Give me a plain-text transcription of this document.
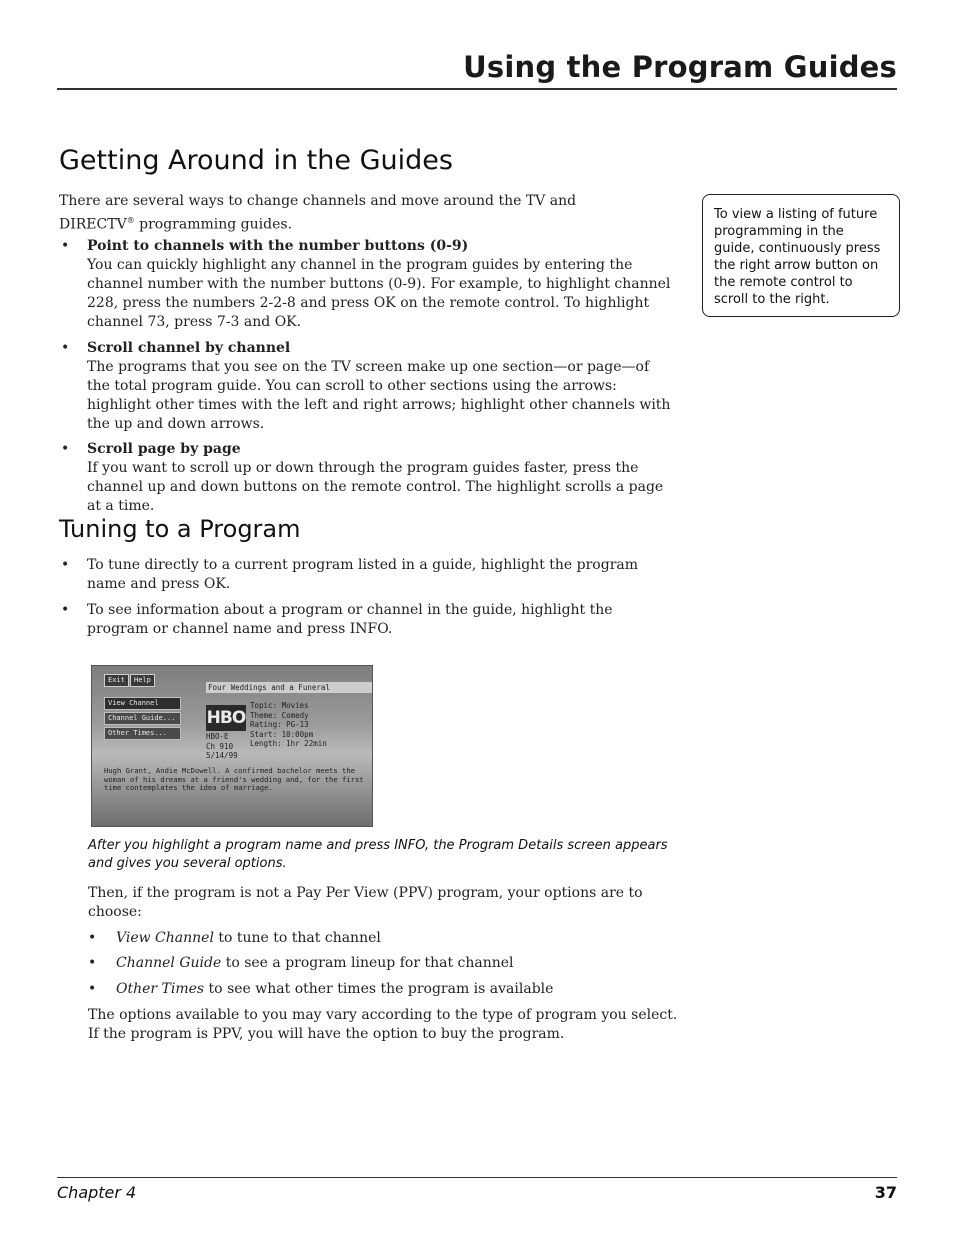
Using the Program Guides
Getting Around in the Guides
There are several ways to change channels and move around the TV and DIRECTV® programming guides.
• Point to channels with the number buttons (0-9)
You can quickly highlight any channel in the program guides by entering the channel number with the number buttons (0-9). For example, to highlight channel 228, press the numbers 2-2-8 and press OK on the remote control. To highlight channel 73, press 7-3 and OK.
• Scroll channel by channel
The programs that you see on the TV screen make up one section—or page—of the total program guide. You can scroll to other sections using the arrows: highlight other times with the left and right arrows; highlight other channels with the up and down arrows.
• Scroll page by page
If you want to scroll up or down through the program guides faster, press the channel up and down buttons on the remote control. The highlight scrolls a page at a time.
To view a listing of future programming in the guide, continuously press the right arrow button on the remote control to scroll to the right.
Tuning to a Program
• To tune directly to a current program listed in a guide, highlight the program name and press OK.
• To see information about a program or channel in the guide, highlight the program or channel name and press INFO.
Exit	Help
Four Weddings and a Funeral
View Channel
Channel Guide...
Other Times...
HBO
HBO-E
Ch 910
5/14/99
Topic: Movies
Theme: Comedy
Rating: PG-13
Start: 10:00pm
Length: 1hr 22min
Hugh Grant, Andie McDowell. A confirmed bachelor meets the woman of his dreams at a friend's wedding and, for the first time contemplates the idea of marriage.
After you highlight a program name and press INFO, the Program Details screen appears and gives you several options.
Then, if the program is not a Pay Per View (PPV) program, your options are to choose:
• View Channel to tune to that channel
• Channel Guide to see a program lineup for that channel
• Other Times to see what other times the program is available
The options available to you may vary according to the type of program you select. If the program is PPV, you will have the option to buy the program.
Chapter 4	37
